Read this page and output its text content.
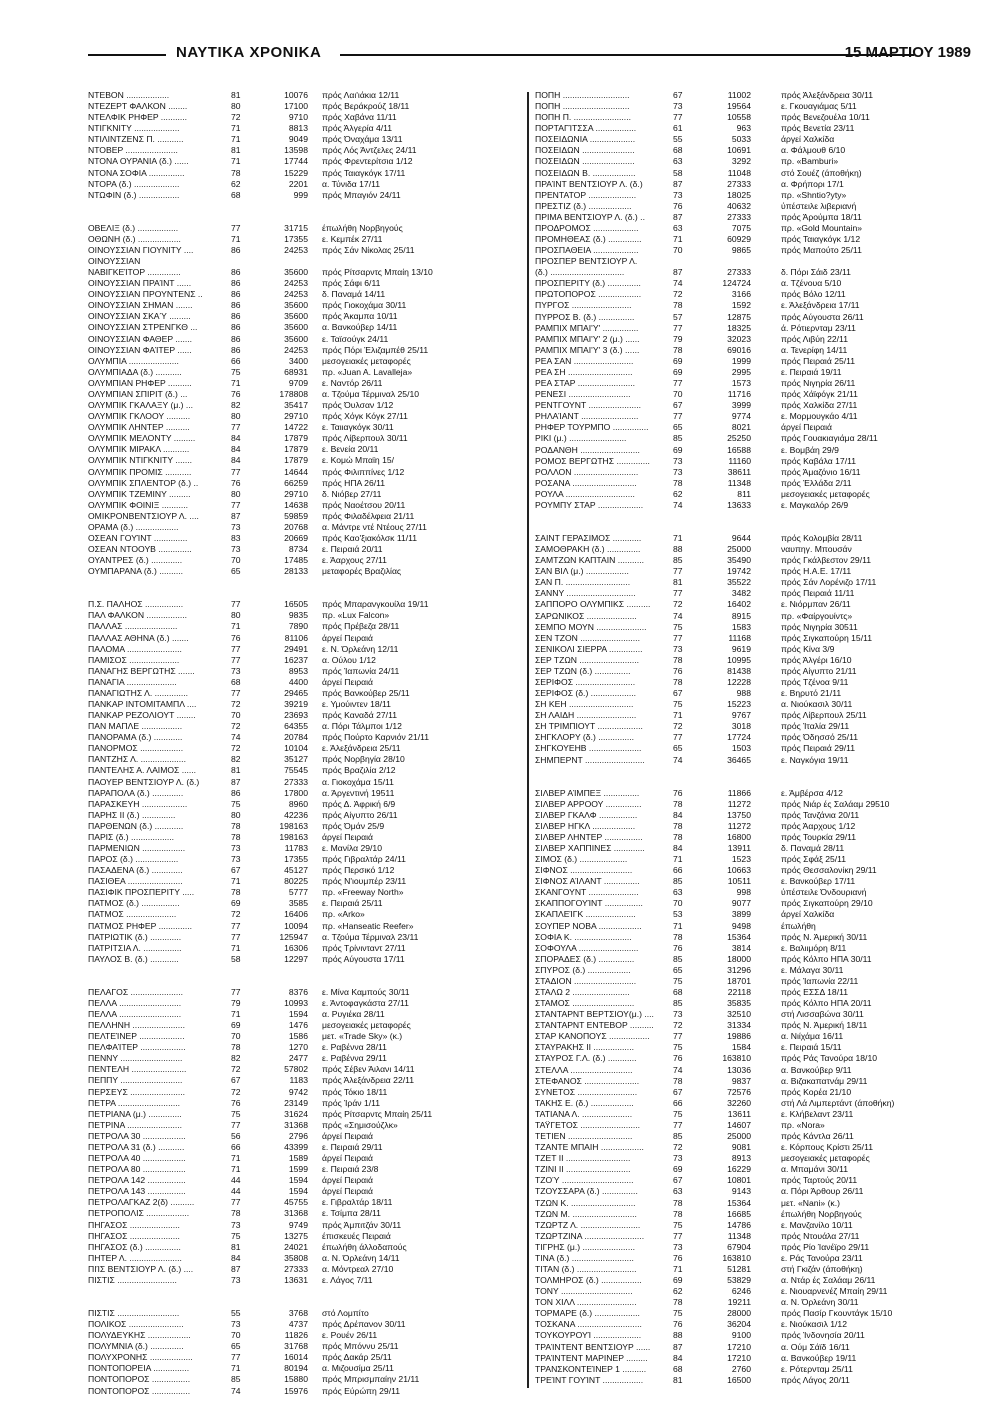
ΝΑΥΤΙΚΑ ΧΡΟΝΙΚΑ	15 ΜΑΡΤΙΟΥ 1989
ΝΤΕΒΟΝ ..................	81	10076 πρός Λαι'ιάκια 12/11
ΝΤΕΖΕΡΤ ΦΑΛΚΟΝ ........	80	17100 πρός Βεράκρούζ 18/11
ΝΤΕΛΦΙΚ ΡΗΦΕΡ ...........	72	9710 πρός Χαβάνα 11/11
ΝΤΙΓΚΝΙΤΥ ...................	71	8813 πρός Άλγερία 4/11
ΝΤΙΛΙΝΤΖΕΝΣ Π. ...........	71	9049 πρός Όναχάμα 13/11
ΝΤΟΒΕΡ ......................	81	13598 πρός Λός Άντζελες 24/11
ΝΤΟΝΑ ΟΥΡΑΝΙΑ (δ.) ......	71	17744 πρός Φρεντερίτσια 1/12
ΝΤΟΝΑ ΣΟΦΙΑ ...............	78	15229 πρός Ταιαγκόγκ 17/11
ΝΤΟΡΑ (δ.) ...................	62	2201 α. Τύνιδα 17/11
ΝΤΩΦΙΝ (δ.) .................	68	999 πρός Μπαγιόν 24/11
ΟΒΕΛΙΞ (δ.) .................	77	31715 έπωλήθη Νορβηγούς
ΟΘΩΝΗ (δ.) ..................	71	17355 ε. Κεμπέκ 27/11
ΟΙΝΟΥΣΣΙΑΝ ΓΙΟΥΝΙΤΥ ....	86	24253 πρός Σάν Νίκολας 25/11
ΟΙΝΟΥΣΣΙΑΝ
ΝΑΒΙΓΚΕΊΤΟΡ ..............	86	35600 πρός Ρίτσαρντς Μπαίη 13/10
ΟΙΝΟΥΣΣΙΑΝ ΠΡΑΊΝΤ ......	86	24253 πρός Σάφι 6/11
ΟΙΝΟΥΣΣΙΑΝ ΠΡΟΥΝΤΕΝΣ ..	86	24253 δ. Παναμά 14/11
ΟΙΝΟΥΣΣΙΑΝ ΣΗΜΑΝ .......	86	35600 πρός Γιοκοχάμα 30/11
ΟΙΝΟΥΣΣΙΑΝ ΣΚΑΎ .........	86	35600 πρός Άκαμπα 10/11
ΟΙΝΟΥΣΣΙΑΝ ΣΤΡΕΝΓΚΘ ...	86	35600 α. Βανκούβερ 14/11
ΟΙΝΟΥΣΣΙΑΝ ΦΑΘΕΡ .......	86	35600 ε. Ταϊσούγκ 24/11
ΟΙΝΟΥΣΣΙΑΝ ΦΑΊΤΕΡ ......	86	24253 πρός Πόρι Έλιζαμπέθ 25/11
ΟΛΥΜΠΙΑ .....................	66	3400 μεσογειακές μεταφορές
ΟΛΥΜΠΙΑΔΑ (δ.) ...........	75	68931 πρ. «Juan A. Lavalleja»
ΟΛΥΜΠΙΑΝ ΡΗΦΕΡ ..........	71	9709 ε. Ναντόρ 26/11
ΟΛΥΜΠΙΑΝ ΣΠΙΡΙΤ (δ.) ...	76	178808 α. Τζούμα Τέρμιναλ 25/10
ΟΛΥΜΠΙΚ ΓΚΑΛΑΞΥ (μ.) ...	82	35417 πρός Όυλσαν 1/12
ΟΛΥΜΠΙΚ ΓΚΛΟΟΥ ..........	80	29710 πρός Χόγκ Κόγκ 27/11
ΟΛΥΜΠΙΚ ΛΗΝΤΕΡ ..........	77	14722 ε. Ταιιαγκόγκ 30/11
ΟΛΥΜΠΙΚ ΜΕΛΟΝΤΥ .........	84	17879 πρός Λίβερπουλ 30/11
ΟΛΥΜΠΙΚ ΜΙΡΑΚΛ ...........	84	17879 ε. Βενεία 20/11
ΟΛΥΜΠΙΚ ΝΤΙΓΚΝΙΤΥ .......	84	17879 ε. Κομώ Μπαϊη 15/
ΟΛΥΜΠΙΚ ΠΡΟΜΙΣ ...........	77	14644 πρός Φιλιππίνες 1/12
ΟΛΥΜΠΙΚ ΣΠΛΕΝΤΟΡ (δ.) ..	76	66259 πρός ΗΠΑ 26/11
ΟΛΥΜΠΙΚ ΤΖΕΜΙΝΥ .........	80	29710 δ. Νιόβερ 27/11
ΟΛΥΜΠΙΚ ΦΟΙΝΙΞ ...........	77	14638 πρός Ναοέτσου 20/11
ΟΜΙΚΡΟΝΒΕΝΤΣΙΟΥΡ Λ. ....	87	59859 πρός Φιλαδέλφεια 21/11
ΟΡΑΜΑ (δ.) ..................	73	20768 α. Μάντρε ντέ Ντέους 27/11
ΟΣΕΑΝ ΓΟΥΊΝΤ ..............	83	20669 πρός Καο'ξιακόλσκ 11/11
ΟΣΕΑΝ ΝΤΟΟΥΒ ..............	73	8734 ε. Πειραιά 20/11
ΟΥΑΝΤΡΕΣ (δ.) .............	70	17485 ε. Άαρχους 27/11
ΟΥΜΠΑΡΑΝΑ (δ.) ..........	65	28133 μεταφορές Βραζιλίας
Π.Σ. ΠΑΛΗΟΣ ................	77	16505 πρός Μπαρανγκουίλα 19/11
ΠΑΛ ΦΑΛΚΟΝ .................	80	9835 πρ. «Lux Falcon»
ΠΑΛΛΑΣ ......................	71	7890 πρός Πρέβεζα 28/11
ΠΑΛΛΑΣ ΑΘΗΝΑ (δ.) .......	76	81106 άργεί Πειραιά
ΠΑΛΟΜΑ .......................	77	29491 ε. Ν. Όρλεάνη 12/11
ΠΑΜΙΣΟΣ .....................	77	16237 α. Ούλου 1/12
ΠΑΝΑΓΗΣ ΒΕΡΓΩΤΗΣ .......	73	8953 πρός Ίαπωνία 24/11
ΠΑΝΑΓΙΑ .....................	68	4400 άργεί Πειραιά
ΠΑΝΑΓΙΩΤΗΣ Λ. ..............	77	29465 πρός Βανκούβερ 25/11
ΠΑΝΚΑΡ ΙΝΤΟΜΙΤΑΜΠΛ ....	72	39219 ε. Υμούιντεν 18/11
ΠΑΝΚΑΡ ΡΕΖΟΛΙΟΥΤ ........	70	23693 πρός Καναδά 27/11
ΠΑΝ ΜΑΠΛΕ .................	72	64355 α. Πόρι Τάλμποι 1/12
ΠΑΝΟΡΑΜΑ (δ.) ............	74	20784 πρός Πούρτο Καρνιόν 21/11
ΠΑΝΟΡΜΟΣ ..................	72	10104 ε. Άλεξάνδρεια 25/11
ΠΑΝΤΖΗΣ Λ. ...................	82	35127 πρός Νορβηγία 28/10
ΠΑΝΤΕΛΗΣ Α. ΛΑΙΜΟΣ ......	81	75545 πρός Βραζιλία 2/12
ΠΑΟΥΕΡ ΒΕΝΤΣΙΟΥΡ Λ. (δ.)	87	27333 α. Γιοκοχάμα 15/11
ΠΑΡΑΠΟΛΑ (δ.) .............	86	17800 α. Άργεντινή 19511
ΠΑΡΑΣΚΕΥΗ ...................	75	8960 πρός Δ. Άφρική 6/9
ΠΑΡΗΣ ΙΙ (δ.) ..............	80	42236 πρός Αίγυπτο 26/11
ΠΑΡΘΕΝΩΝ (δ.) ............	78	198163 πρός Όμάν 25/9
ΠΑΡΙΣ (δ.) ..................	78	198163 άργεί Πειραιά
ΠΑΡΜΕΝΙΩΝ ..................	73	11783 ε. Μανίλα 29/10
ΠΑΡΟΣ (δ.) ..................	73	17355 πρός Γιβραλτάρ 24/11
ΠΑΣΑΔΕΝΑ (δ.) .............	67	45127 πρός Περσικό 1/12
ΠΑΣΙΘΕΑ .......................	71	80225 πρός Ν'ιουμπέρ 23/11
ΠΑΣΙΦΙΚ ΠΡΟΣΠΕΡΙΤΥ .....	78	5777 πρ. «Freeway North»
ΠΑΤΜΟΣ (δ.) ................	69	3585 ε. Πειραιά 25/11
ΠΑΤΜΟΣ .....................	72	16406 πρ. «Arko»
ΠΑΤΜΟΣ ΡΗΦΕΡ ..............	77	10094 πρ. «Hanseatic Reefer»
ΠΑΤΡΙΩΤΙΚ (δ.) .............	77	125947 α. Τζούμα Τέρμιναλ 23/11
ΠΑΤΡΙΤΣΙΑ Λ. ................	71	16306 πρός Τρίνινταντ 27/11
ΠΑΥΛΟΣ Β. (δ.) ............	58	12297 πρός Αύγουστα 17/11
ΠΕΛΑΓΟΣ ......................	77	8376 ε. Μίνα Καμπούς 30/11
ΠΕΛΛΑ ..........................	79	10993 ε. Άντοφαγκάστα 27/11
ΠΕΛΛΑ ..........................	71	1594 α. Ρυγιέκα 28/11
ΠΕΛΛΗΝΗ ......................	69	1476 μεσογειακές μεταφορές
ΠΕΛΤΕΊΝΕΡ ...................	70	1586 μετ. «Trade Sky» (κ.)
ΠΕΛΦΑΊΤΕΡ ...................	78	1270 ε. Ραβέννα 28/11
ΠΕΝΝΥ ..........................	82	2477 ε. Ραβέννα 29/11
ΠΕΝΤΕΛΗ .......................	72	57802 πρός Σέβεν Άιλανι 14/11
ΠΕΠΠΥ ..........................	67	1183 πρός Άλεξάνδρεια 22/11
ΠΕΡΣΕΥΣ .......................	72	9742 πρός Τόκιο 18/11
ΠΕΤΡΑ ..........................	76	23149 πρός Ίράν 1/11
ΠΕΤΡΙΑΝΑ (μ.) ..............	75	31624 πρός Ρίτσαρντς Μπαίη 25/11
ΠΕΤΡΙΝΑ .......................	77	31368 πρός «Σημισούζλκ»
ΠΕΤΡΟΛΑ 30 ..................	56	2796 άργεί Πειραιά
ΠΕΤΡΟΛΑ 31 (δ.) ...........	66	43399 ε. Πειραιά 29/11
ΠΕΤΡΟΛΑ 40 ..................	71	1589 άργεί Πειραιά
ΠΕΤΡΟΛΑ 80 ..................	71	1599 ε. Πειραιά 23/8
ΠΕΤΡΟΛΑ 142 ................	44	1594 άργεί Πειραιά
ΠΕΤΡΟΛΑ 143 ................	44	1594 άργεί Πειραιά
ΠΕΤΡΟΛΑΓΚΑΖ 2(δ) ..........	77	45755 ε. Γιβραλτάρ 18/11
ΠΕΤΡΟΠΟΛΙΣ ..................	78	31368 ε. Τσίμπα 28/11
ΠΗΓΑΣΟΣ .....................	73	9749 πρός Άμπιτζάν 30/11
ΠΗΓΑΣΟΣ .....................	75	13275 έπισκευές Πειραιά
ΠΗΓΑΣΟΣ (δ.) ...............	81	24021 έπωλήθη άλλοδαπούς
ΠΗΤΕΡ Λ. ......................	84	35808 α. Ν. Όρλεάνη 14/11
ΠΙΊΣ ΒΕΝΤΣΙΟΥΡ Λ. (δ.) ....	87	27333 α. Μόντρεαλ 27/10
ΠΙΣΤΙΣ .........................	73	13631 ε. Λάγος 7/11
ΠΙΣΤΙΣ ..........................	55	3768 στό Λομπίτο
ΠΟΛΙΚΟΣ .......................	73	4737 πρός Δρέπανον 30/11
ΠΟΛΥΔΕΥΚΗΣ ..................	70	11826 ε. Ρουέν 26/11
ΠΟΛΥΜΝΙΑ (δ.) ..............	65	31768 πρός Μπόννυ 25/11
ΠΟΛΥΧΡΟΝΗΣ ..................	77	16014 πρός Δακάρ 25/11
ΠΟΝΤΟΠΟΡΕΙΑ ...............	71	80194 α. Μιζουσίμα 25/11
ΠΟΝΤΟΠΟΡΟΣ ................	85	15880 πρός Μπρισμπαίην 21/11
ΠΟΝΤΟΠΟΡΟΣ ................	74	15976 πρός Εύρώπη 29/11
ΠΟΠΗ ............................	67	11002	πρός Άλεξάνδρεια 30/11
ΠΟΠΗ ............................	73	19564	ε. Γκουαγιάμας 5/11
ΠΟΠΗ Π. ........................	77	10558	πρός Βενεζουέλα 10/11
ΠΟΡΤΑΓΊΤΣΣΑ .................	61	963	πρός Βενετία 23/11
ΠΟΣΕΙΔΩΝΙΑ ...................	55	5033	άργεί Χαλκίδα
ΠΟΣΕΙΔΩΝ ......................	68	10691	α. Φάλμουθ 6/10
ΠΟΣΕΙΔΩΝ ......................	63	3292	πρ. «Bamburi»
ΠΟΣΕΙΔΩΝ Β. ..................	58	11048	στό Σουέζ (άποθήκη)
ΠΡΑΊΝΤ ΒΕΝΤΣΙΟΥΡ Λ. (δ.)	87	27333	α. Φρήπορι 17/1
ΠΡΕΝΤΑΤΟΡ ....................	73	18025	πρ. «Shntio?yty»
ΠΡΕΣΤΙΖ (δ.) ..................	76	40632	ύπέστειλε λιβεριανή
ΠΡΙΜΑ ΒΕΝΤΣΙΟΥΡ Λ. (δ.) ..	87	27333	πρός Άρούμπα 18/11
ΠΡΟΔΡΟΜΟΣ ...................	63	7075	πρ. «Gold Mountain»
ΠΡΟΜΗΘΕΑΣ (δ.) ..............	71	60929	πρός Ταιαγκόγκ 1/12
ΠΡΟΣΠΑΘΕΙΑ ...................	70	9865	πρός Μαπούτο 25/11
ΠΡΟΣΠΕΡ ΒΕΝΤΣΙΟΥΡ Λ.
(δ.) ...............................	87	27333	δ. Πόρι Σάιδ 23/11
ΠΡΟΣΠΕΡΙΤΥ (δ.) ..............	74	124724	α. Τζένουα 5/10
ΠΡΩΤΟΠΟΡΟΣ ..................	72	3166	πρός Βόλο 12/11
ΠΥΡΓΟΣ .........................	78	1592	ε. Άλεξάνδρεια 17/11
ΠΥΡΡΟΣ Β. (δ.) ...............	57	12875	πρός Αύγουστα 26/11
ΡΑΜΠΙΧ ΜΠΑΙ'Υ' ...............	77	18325	ά. Ρότιερνταμ 23/11
ΡΑΜΠΙΧ ΜΠΑΙ'Υ' 2 (μ.) ......	79	32023	πρός Λιβύη 22/11
ΡΑΜΠΙΧ ΜΠΑΙ'Υ' 3 (δ.) ......	78	69016	α. Τενερίφη 14/11
ΡΕΑ ΣΑΝ .........................	69	1999	πρός Πειραιά 25/11
ΡΕΑ ΣΗ ...........................	69	2995	ε. Πειραιά 19/11
ΡΕΑ ΣΤΑΡ ........................	77	1573	πρός Νιγηρία 26/11
ΡΕΝΕΣΙ ..........................	70	11716	πρός Χάϊφόγκ 21/11
ΡΕΝΤΓΟΥΝΤ ......................	67	3999	πρός Χαλκίδα 27/11
ΡΗΛΑΊΑΝΤ ........................	77	9774	ε. Μορμουγκάο 4/11
ΡΗΦΕΡ ΤΟΥΡΜΠΟ ...............	65	8021	άργεί Πειραιά
ΡΙΚΙ (μ.) ........................	85	25250	πρός Γουακιαγιάμα 28/11
ΡΟΔΑΝΘΗ .........................	69	16588	ε. Βομβάη 29/9
ΡΟΜΟΣ ΒΕΡΓΩΤΗΣ ..............	73	11160	πρός Καβάλα 17/11
ΡΟΛΛΟΝ ...........................	73	38611	πρός Άμαζόνιο 16/11
ΡΟΣΑΝΑ ...........................	78	11348	πρός Έλλάδα 2/11
ΡΟΥΛΑ .............................	62	811	μεσογειακές μεταφορές
ΡΟΥΜΠΥ ΣΤΑΡ ...................	74	13633	ε. Μαγκαλόρ 26/9
ΣΑΙΝΤ ΓΕΡΑΣΙΜΟΣ ............	71	9644	πρός Κολομβία 28/11
ΣΑΜΟΘΡΑΚΗ (δ.) ..............	88	25000	ναυπηγ. Μπουσάν
ΣΑΜΤΖΩΝ ΚΑΠΤΑΙΝ ...........	85	35490	πρός Γκάλβεστον 29/11
ΣΑΝ ΒΙΛ (μ.) ..................	77	19742	πρός Η.Α.Ε. 17/11
ΣΑΝ Π. ...........................	81	35522	πρός Σάν Λορένιζο 17/11
ΣΑΝΝΥ .............................	77	3482	πρός Πειραιά 11/11
ΣΑΠΠΟΡΟ ΟΛΥΜΠΙΚΣ ..........	72	16402	ε. Νιόρμπαν 26/11
ΣΑΡΩΝΙΚΟΣ .....................	74	8915	πρ. «Φαίργουίντς»
ΣΕΜΠΟ ΜΟΥΝ .....................	75	1583	πρός Νιγηρία 30511
ΣΕΝ ΤΖΟΝ .........................	77	11168	πρός Σιγκαπούρη 15/11
ΣΕΝΙΚΟΛΙ ΣΙΕΡΡΑ ..............	73	9619	πρός Κίνα 3/9
ΣΕΡ ΤΖΩΝ .........................	78	10995	πρός Άλγέρι 16/10
ΣΕΡ ΤΖΩΝ (δ.) ...............	76	81438	πρός Αίγυπτο 21/11
ΣΕΡΙΦΟΣ .........................	78	12228	πρός Τζένοα 9/11
ΣΕΡΙΦΟΣ (δ.) ...................	67	988	ε. Βηρυτό 21/11
ΣΗ ΚΕΗ ...........................	75	15223	α. Νιούκασιλ 30/11
ΣΗ ΛΑΙΔΗ .........................	71	9767	πρός Λίβερπουλ 25/11
ΣΗ ΤΡΙΜΠΙΟΥΤ ...................	72	3018	πρός Ίταλία 29/11
ΣΗΓΚΛΟΡΥ (δ.) ...............	77	17724	πρός Όδησσό 25/11
ΣΗΓΚΟΥΕΗΒ ......................	65	1503	πρός Πειραιά 29/11
ΣΗΜΠΕΡΝΤ .........................	74	36465	ε. Ναγκόγια 19/11
ΣΙΛΒΕΡ ΑΊΜΠΕΞ ...............	76	11866	ε. Άμβέρσα 4/12
ΣΙΛΒΕΡ ΑΡΡΟΟΥ ...............	78	11272	πρός Νιάρ ές Σαλάαμ 29510
ΣΙΛΒΕΡ ΓΚΑΛΦ ................	84	13750	πρός Τανζάνια 20/11
ΣΙΛΒΕΡ ΗΓΚΛ ..................	78	11272	πρός Άαρχους 1/12
ΣΙΛΒΕΡ ΛΗΝΤΕΡ ................	78	16800	πρός Τουρκία 29/11
ΣΙΛΒΕΡ ΧΑΠΠΙΝΕΣ .............	84	13911	δ. Παναμά 28/11
ΣΙΜΟΣ (δ.) ....................	71	1523	πρός Σφάξ 25/11
ΣΙΦΝΟΣ ..........................	66	10663	πρός Θεσσαλονίκη 29/11
ΣΙΦΝΟΣ ΑΊΛΑΝΤ ...............	85	10511	ε. Βανκούβερ 17/11
ΣΚΑΝΓΟΥΝΤ .....................	63	998	ύπέστειλε Όνδουριανή
ΣΚΑΠΠΟΓΟΥΊΝΤ ................	70	9077	πρός Σιγκαπούρη 29/10
ΣΚΑΠΛΕΊΓΚ .....................	53	3899	άργεί Χαλκίδα
ΣΟΥΠΕΡ ΝΟΒΑ ..................	71	9498	έπωλήθη
ΣΟΦΙΑ Κ. ........................	78	15364	πρός Ν. Άμερική 30/11
ΣΟΦΟΥΛΑ .........................	76	3814	ε. Βαλιιμόρη 8/11
ΣΠΟΡΑΔΕΣ (δ.) ...............	85	18000	πρός Κόλπο ΗΠΑ 30/11
ΣΠΥΡΟΣ (δ.) ..................	65	31296	ε. Μάλαγα 30/11
ΣΤΑΔΙΟΝ ..........................	75	18701	πρός Ίαπωνία 22/11
ΣΤΑΛΩ 2 ........................	68	22118	πρός ΕΣΣΔ 18/11
ΣΤΑΜΟΣ ..........................	85	35835	πρός Κόλπο ΗΠΑ 20/11
ΣΤΑΝΤΑΡΝΤ ΒΕΡΤΣΙΟΥ(μ.) ....	73	32510	στή Λισσαβώνα 30/11
ΣΤΑΝΤΑΡΝΤ ΕΝΤΕΒΟΡ ..........	72	31334	πρός Ν. Άμερική 18/11
ΣΤΑΡ ΚΑΝΟΠΟΥΣ .................	77	19886	α. Νιίχάμα 16/11
ΣΤΑΥΡΑΚΗΣ ΙΙ .................	75	1584	ε. Πειραιά 15/11
ΣΤΑΥΡΟΣ Γ.Λ. (δ.) ............	76	163810	πρός Ράς Τανούρα 18/10
ΣΤΕΛΛΑ ..........................	74	13036	α. Βανκούβερ 9/11
ΣΤΕΦΑΝΟΣ .......................	78	9837	α. Βιζακαπατνάμ 29/11
ΣΥΝΕΤΟΣ .........................	67	72576	πρός Κορέα 21/10
ΤΑΚΗΣ Ε. (δ.) ..................	66	32260	στή Λά Λιμπερτάντ (άποθήκη)
ΤΑΤΙΑΝΑ Λ. .....................	75	13611	ε. Κλήβελαντ 23/11
ΤΑΫΓΕΤΟΣ .........................	77	14607	πρ. «Nora»
ΤΕΤΙΕΝ ...........................	85	25000	πρός Κάντλα 26/11
ΤΖΑΝΤΕ ΜΠΑΙΗ ..................	72	9081	ε. Κόρπους Κρίστι 25/11
ΤΖΕΤ ΙΙ ...........................	73	8913	μεσογειακές μεταφορές
ΤΖΙΝΙ ΙΙ ...........................	69	16229	α. Μπαμάνι 30/11
ΤΖΟΎ ..............................	67	10801	πρός Ταρτούς 20/11
ΤΖΟΥΣΣΑΡΑ (δ.) ...............	63	9143	α. Πόρι Άρθουρ 26/11
ΤΖΩΝ Κ. ...........................	78	15364	μετ. «Nani» (κ.)
ΤΖΩΝ Μ. ...........................	78	16685	έπωλήθη Νορβηγούς
ΤΖΩΡΤΖ Λ. .........................	75	14786	ε. Μανζανίλο 10/11
ΤΖΩΡΤΖΙΝΑ .........................	77	11348	πρός Ντουάλα 27/11
ΤΙΓΡΗΣ (μ.) ......................	73	67904	πρός Ρίο Ίανέϊρο 29/11
ΤΙΝΑ (δ.) ..........................	76	163810	ε. Ράς Τανούρα 23/11
ΤΙΤΑΝ (δ.) .........................	71	51281	στή Γκιζάν (άποθήκη)
ΤΟΛΜΗΡΟΣ (δ.) .................	69	53829	α. Ντάρ ές Σαλάαμ 26/11
ΤΟΝΥ ..............................	62	6246	ε. Νιουαρνενέζ Μπαίη 29/11
ΤΟΝ ΧΙΛΛ .........................	78	19211	α. Ν. Όρλεάνη 30/11
ΤΟΡΜΑΡΕ (δ.) ...................	75	28000	πρός Πασίρ Γκουντάγκ 15/10
ΤΟΣΚΑΝΑ ...........................	76	36204	ε. Νιούκασιλ 1/12
ΤΟΥΚΟΥΡΟΥΊ ....................	88	9100	πρός Ίνδονησία 20/11
ΤΡΑΊΝΤΕΝΤ ΒΕΝΤΣΙΟΥΡ ......	87	17210	α. Ούμ Σάϊδ 16/11
ΤΡΑΊΝΤΕΝΤ ΜΑΡΙΝΕΡ .........	84	17210	α. Βανκούβερ 19/11
ΤΡΑΝΣΚΟΝΤΕΊΝΕΡ 1 ..........	68	2760	ε. Ρότερνταμ 25/11
ΤΡΕΊΝΤ ΓΟΥΊΝΤ .................	81	16500	πρός Λάγος 20/11
